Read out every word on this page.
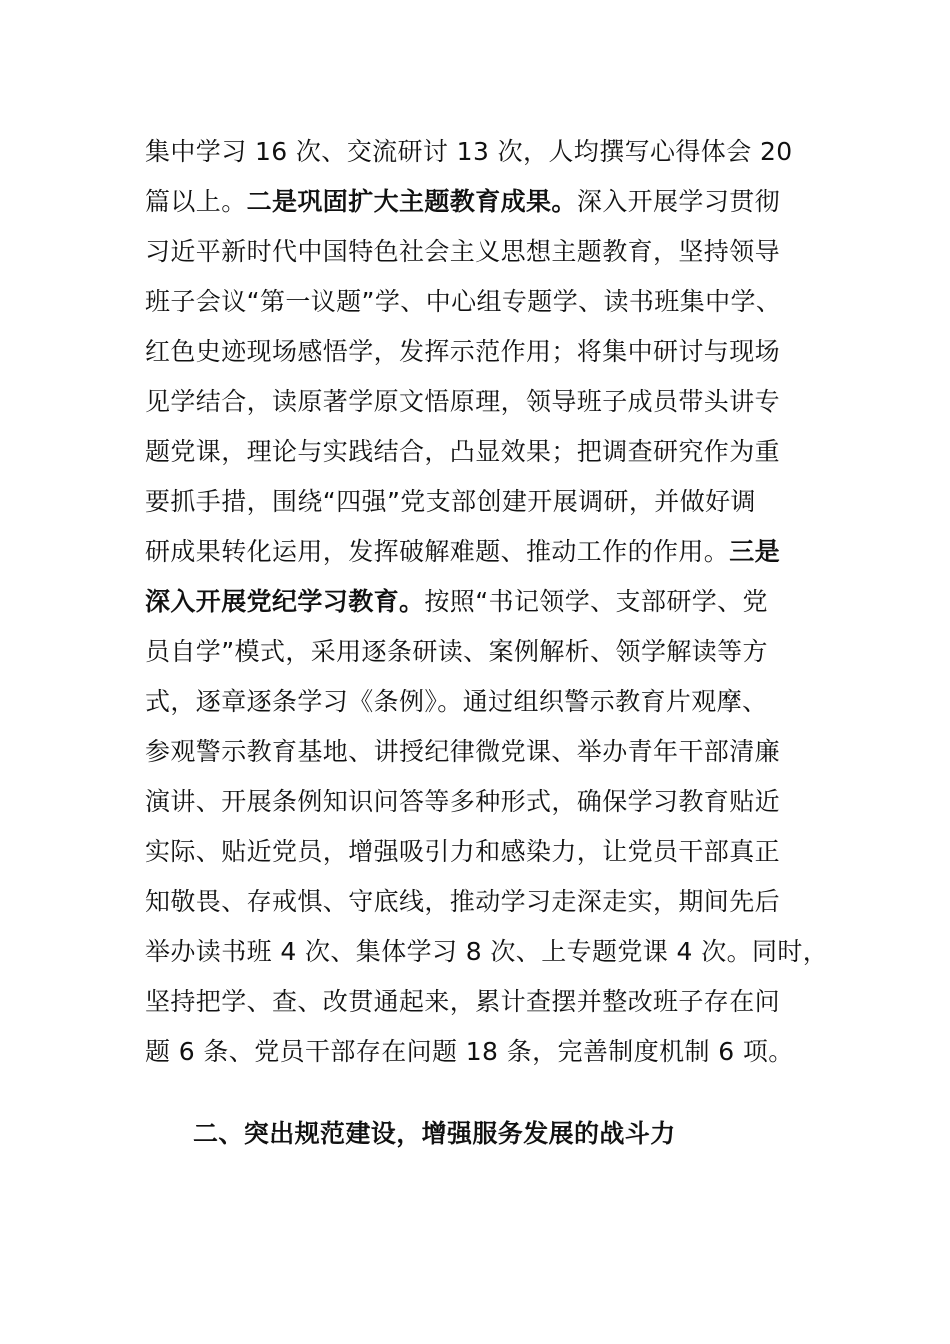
集中学习 16 次、交流研讨 13 次，人均撰写心得体会 20
篇以上。二是巩固扩大主题教育成果。深入开展学习贯彻
习近平新时代中国特色社会主义思想主题教育，坚持领导
班子会议“第一议题”学、中心组专题学、读书班集中学、
红色史迹现场感悟学，发挥示范作用；将集中研讨与现场
见学结合，读原著学原文悟原理，领导班子成员带头讲专
题党课，理论与实践结合，凸显效果；把调查研究作为重
要抓手措，围绕“四强”党支部创建开展调研，并做好调
研成果转化运用，发挥破解难题、推动工作的作用。三是
深入开展党纪学习教育。按照“书记领学、支部研学、党
员自学”模式，采用逐条研读、案例解析、领学解读等方
式，逐章逐条学习《条例》。通过组织警示教育片观摩、
参观警示教育基地、讲授纪律微党课、举办青年干部清廉
演讲、开展条例知识问答等多种形式，确保学习教育贴近
实际、贴近党员，增强吸引力和感染力，让党员干部真正
知敬畏、存戒惧、守底线，推动学习走深走实，期间先后
举办读书班 4 次、集体学习 8 次、上专题党课 4 次。同时，
坚持把学、查、改贯通起来，累计查摆并整改班子存在问
题 6 条、党员干部存在问题 18 条，完善制度机制 6 项。
二、突出规范建设，增强服务发展的战斗力
